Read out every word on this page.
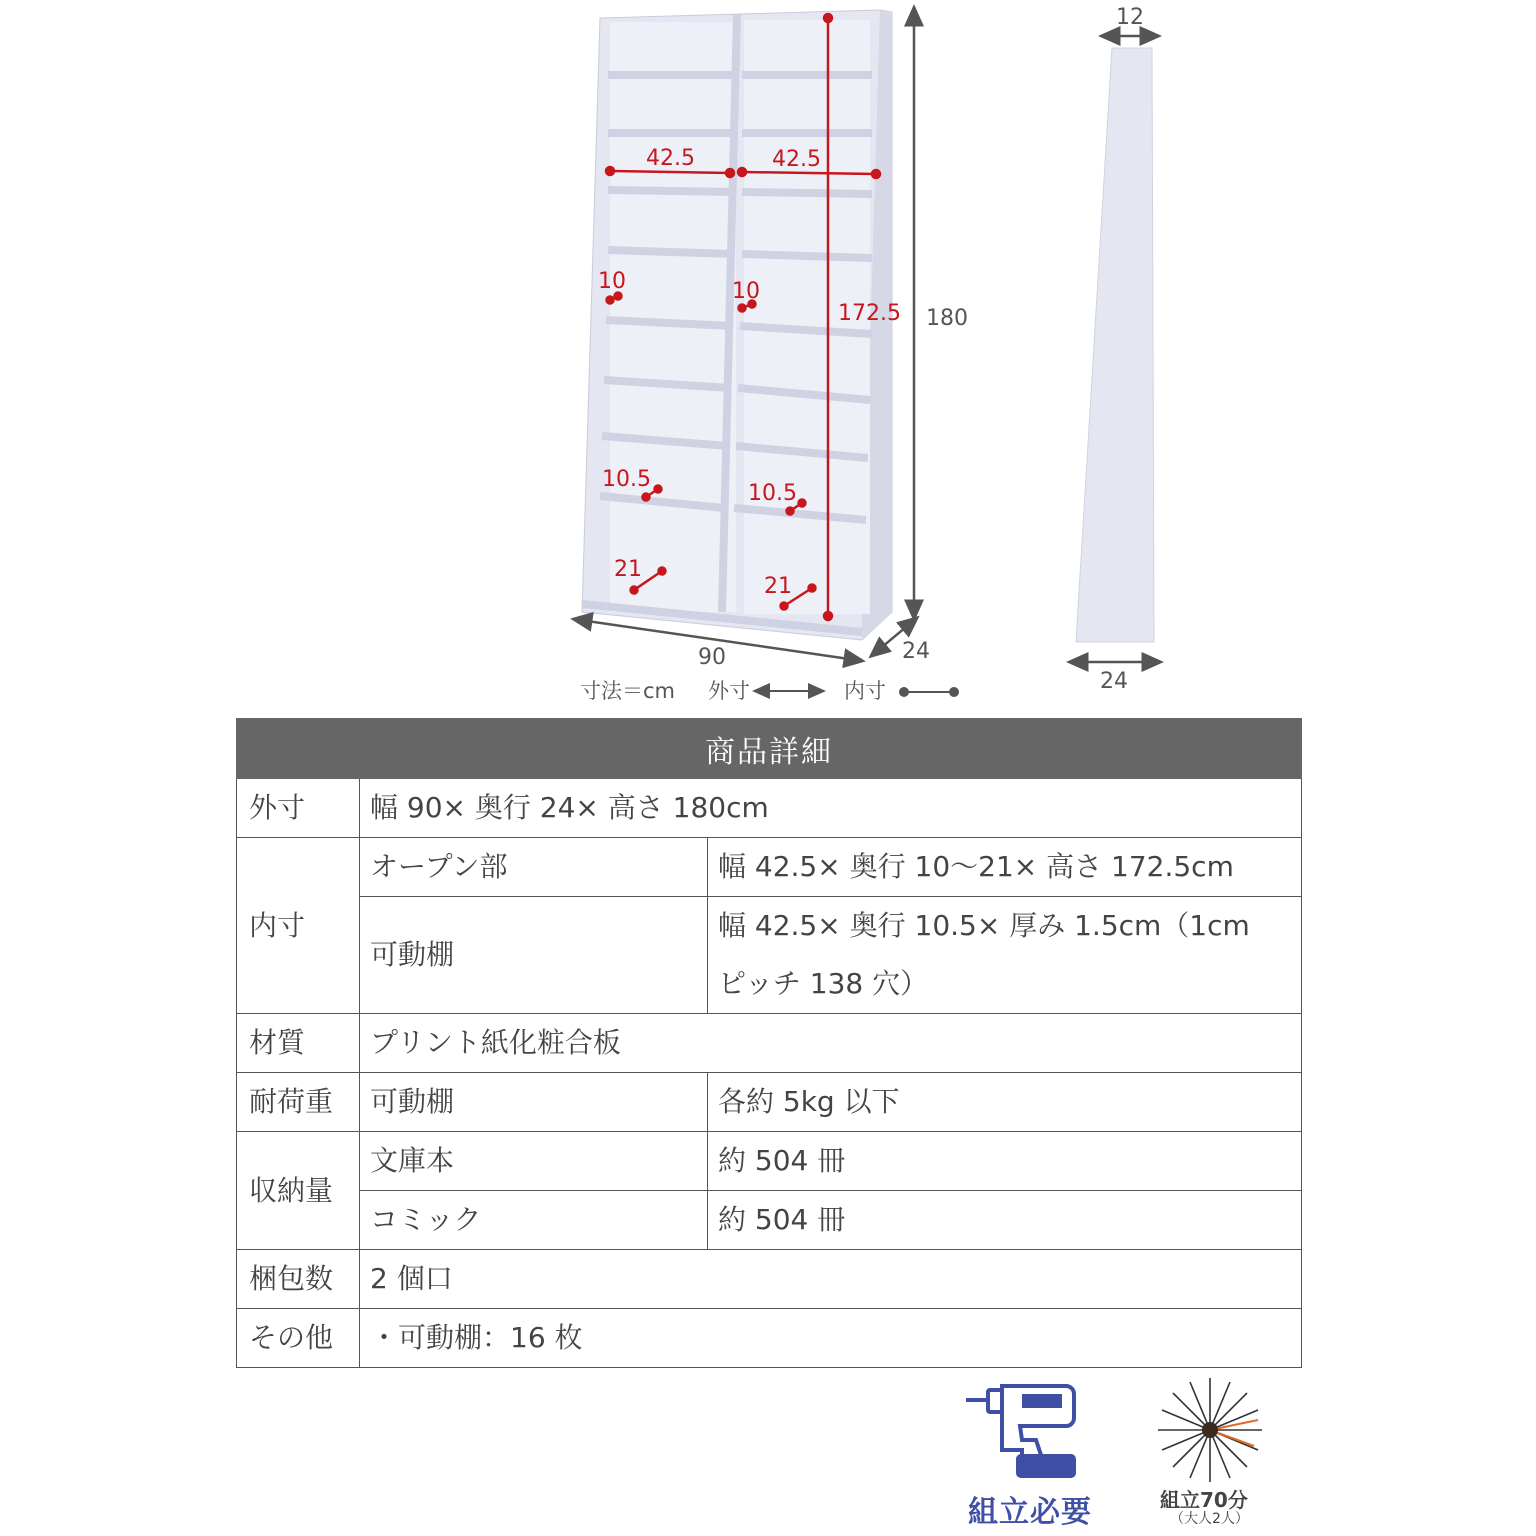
42.5	42.5
10	10
172.5
10.5
10.5
21
21
180
90	24
12
24
寸法＝cm 外寸	内寸
商品詳細		
外寸	幅 90× 奥行 24× 高さ 180cm	
内寸	オープン部	幅 42.5× 奥行 10～21× 高さ 172.5cm
	可動棚	幅 42.5× 奥行 10.5× 厚み 1.5cm（1cm
ピッチ 138 穴）

材質	プリント紙化粧合板	
耐荷重	可動棚	各約 5kg 以下
収納量	文庫本	約 504 冊
	コミック	約 504 冊
梱包数	2 個口	
その他	・可動棚：16 枚	
組立必要	組立70分
（大人2人）
